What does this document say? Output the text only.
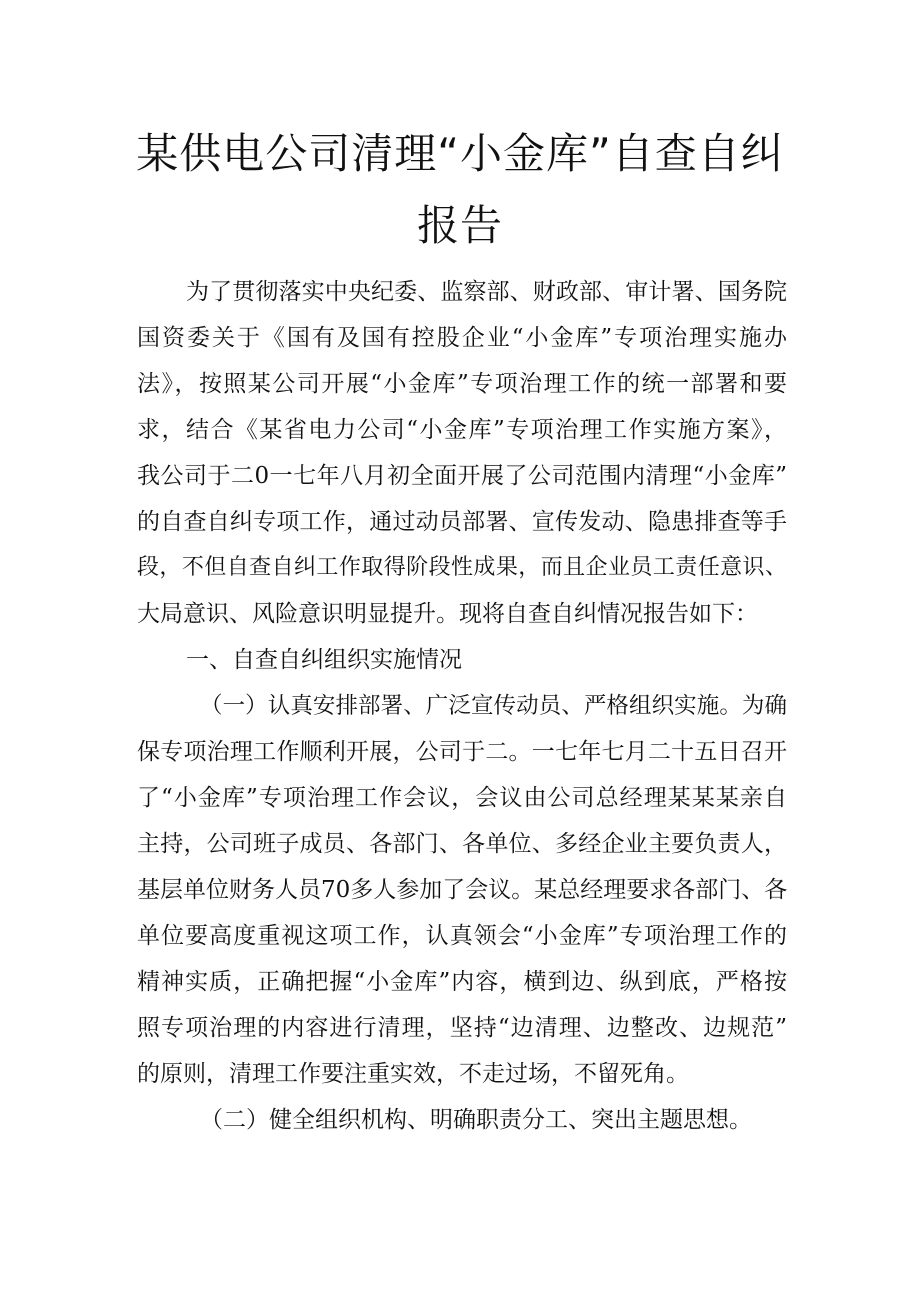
某供电公司清理“小金库”自查自纠
报告

为了贯彻落实中央纪委、监察部、财政部、审计署、国务院

国资委关于《国有及国有控股企业“小金库”专项治理实施办

法》，按照某公司开展“小金库”专项治理工作的统一部署和要

求，结合《某省电力公司“小金库”专项治理工作实施方案》，

我公司于二0一七年八月初全面开展了公司范围内清理“小金库”

的自查自纠专项工作，通过动员部署、宣传发动、隐患排查等手

段，不但自查自纠工作取得阶段性成果，而且企业员工责任意识、

大局意识、风险意识明显提升。现将自查自纠情况报告如下：

一、自查自纠组织实施情况

（一）认真安排部署、广泛宣传动员、严格组织实施。为确

保专项治理工作顺利开展，公司于二。一七年七月二十五日召开

了“小金库”专项治理工作会议，会议由公司总经理某某某亲自

主持，公司班子成员、各部门、各单位、多经企业主要负责人，

基层单位财务人员70多人参加了会议。某总经理要求各部门、各

单位要高度重视这项工作，认真领会“小金库”专项治理工作的

精神实质，正确把握“小金库”内容，横到边、纵到底，严格按

照专项治理的内容进行清理，坚持“边清理、边整改、边规范”

的原则，清理工作要注重实效，不走过场，不留死角。

（二）健全组织机构、明确职责分工、突出主题思想。
